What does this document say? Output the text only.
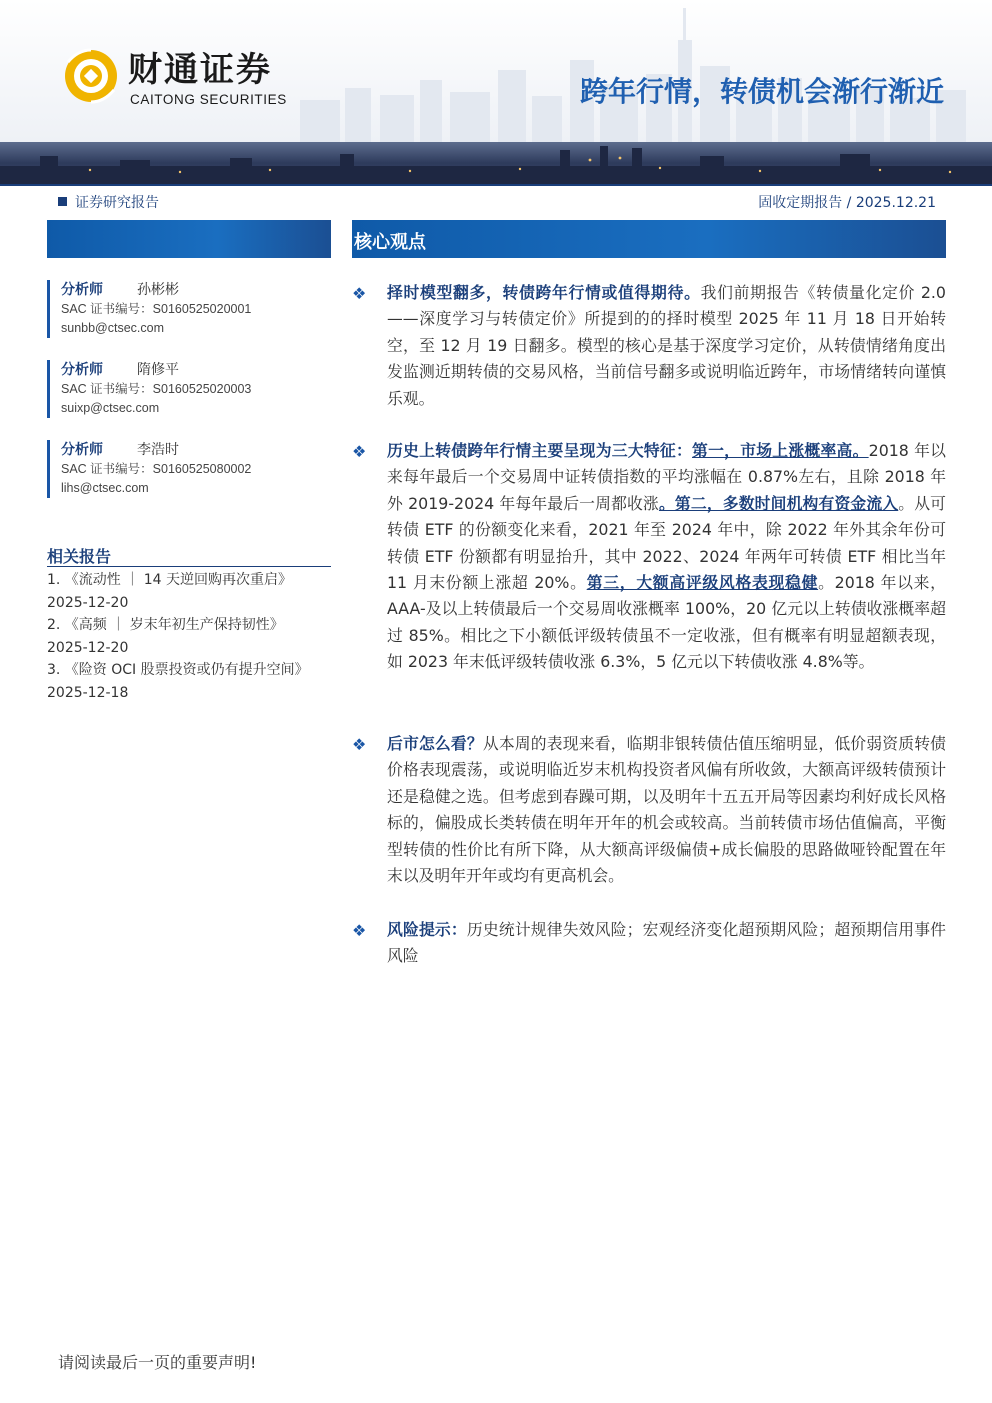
财通证券
CAITONG SECURITIES	跨年行情，转债机会渐行渐近
证券研究报告	固收定期报告 / 2025.12.21
核心观点
分析师 孙彬彬
SAC 证书编号：S0160525020001
sunbb@ctsec.com
分析师 隋修平
SAC 证书编号：S0160525020003
suixp@ctsec.com
分析师 李浩时
SAC 证书编号：S0160525080002
lihs@ctsec.com
相关报告
1. 《流动性 ｜ 14 天逆回购再次重启》
2025-12-20
2. 《高频 ｜ 岁末年初生产保持韧性》
2025-12-20
3. 《险资 OCI 股票投资或仍有提升空间》
2025-12-18
❖ 择时模型翻多，转债跨年行情或值得期待。我们前期报告《转债量化定价 2.0——深度学习与转债定价》所提到的的择时模型 2025 年 11 月 18 日开始转空，至 12 月 19 日翻多。模型的核心是基于深度学习定价，从转债情绪角度出发监测近期转债的交易风格，当前信号翻多或说明临近跨年，市场情绪转向谨慎乐观。
❖ 历史上转债跨年行情主要呈现为三大特征：第一，市场上涨概率高。2018 年以来每年最后一个交易周中证转债指数的平均涨幅在 0.87%左右，且除 2018 年外 2019-2024 年每年最后一周都收涨。第二，多数时间机构有资金流入。从可转债 ETF 的份额变化来看，2021 年至 2024 年中，除 2022 年外其余年份可转债 ETF 份额都有明显抬升，其中 2022、2024 年两年可转债 ETF 相比当年 11 月末份额上涨超 20%。第三，大额高评级风格表现稳健。2018 年以来，AAA-及以上转债最后一个交易周收涨概率 100%，20 亿元以上转债收涨概率超过 85%。相比之下小额低评级转债虽不一定收涨，但有概率有明显超额表现，如 2023 年末低评级转债收涨 6.3%，5 亿元以下转债收涨 4.8%等。
❖ 后市怎么看？从本周的表现来看，临期非银转债估值压缩明显，低价弱资质转债价格表现震荡，或说明临近岁末机构投资者风偏有所收敛，大额高评级转债预计还是稳健之选。但考虑到春躁可期，以及明年十五五开局等因素均利好成长风格标的，偏股成长类转债在明年开年的机会或较高。当前转债市场估值偏高，平衡型转债的性价比有所下降，从大额高评级偏债+成长偏股的思路做哑铃配置在年末以及明年开年或均有更高机会。
❖ 风险提示：历史统计规律失效风险；宏观经济变化超预期风险；超预期信用事件风险
请阅读最后一页的重要声明!
